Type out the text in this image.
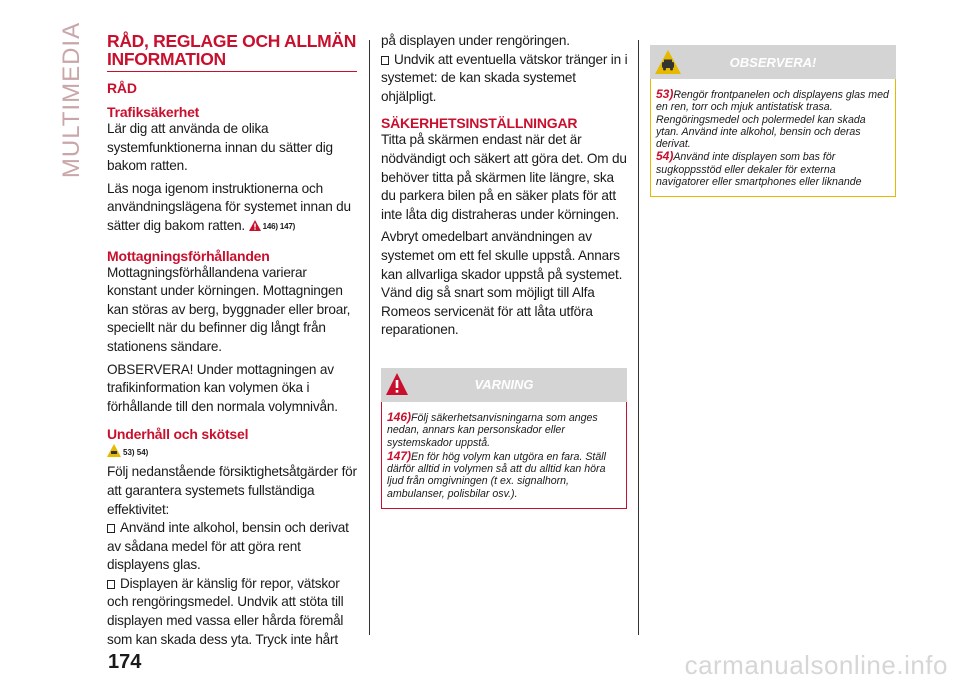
MULTIMEDIA RÅD, REGLAGE OCH ALLMÄN INFORMATION
RÅD
Trafiksäkerhet

Lär dig att använda de olika systemfunktionerna innan du sätter dig bakom ratten.

Läs noga igenom instruktionerna och användningslägena för systemet innan du sätter dig bakom ratten. 146) 147)

Mottagningsförhållanden

Mottagningsförhållandena varierar konstant under körningen. Mottagningen kan störas av berg, byggnader eller broar, speciellt när du befinner dig långt från stationens sändare.

OBSERVERA! Under mottagningen av trafikinformation kan volymen öka i förhållande till den normala volymnivån.

Underhåll och skötsel
53) 54)

Följ nedanstående försiktighetsåtgärder för att garantera systemets fullständiga effektivitet:

Använd inte alkohol, bensin och derivat av sådana medel för att göra rent displayens glas.

Displayen är känslig för repor, vätskor och rengöringsmedel. Undvik att stöta till displayen med vassa eller hårda föremål som kan skada dess yta. Tryck inte hårt

på displayen under rengöringen.

Undvik att eventuella vätskor tränger in i systemet: de kan skada systemet ohjälpligt.

SÄKERHETSINSTÄLLNINGAR

Titta på skärmen endast när det är nödvändigt och säkert att göra det. Om du behöver titta på skärmen lite längre, ska du parkera bilen på en säker plats för att inte låta dig distraheras under körningen.

Avbryt omedelbart användningen av systemet om ett fel skulle uppstå. Annars kan allvarliga skador uppstå på systemet. Vänd dig så snart som möjligt till Alfa Romeos servicenät för att låta utföra reparationen.

VARNING
146)Följ säkerhetsanvisningarna som anges nedan, annars kan personskador eller systemskador uppstå.
147)En för hög volym kan utgöra en fara. Ställ därför alltid in volymen så att du alltid kan höra ljud från omgivningen (t ex. signalhorn, ambulanser, polisbilar osv.).
OBSERVERA!
53)Rengör frontpanelen och displayens glas med en ren, torr och mjuk antistatisk trasa. Rengöringsmedel och polermedel kan skada ytan. Använd inte alkohol, bensin och deras derivat.
54)Använd inte displayen som bas för sugkoppsstöd eller dekaler för externa navigatorer eller smartphones eller liknande
174	carmanualsonline.info
